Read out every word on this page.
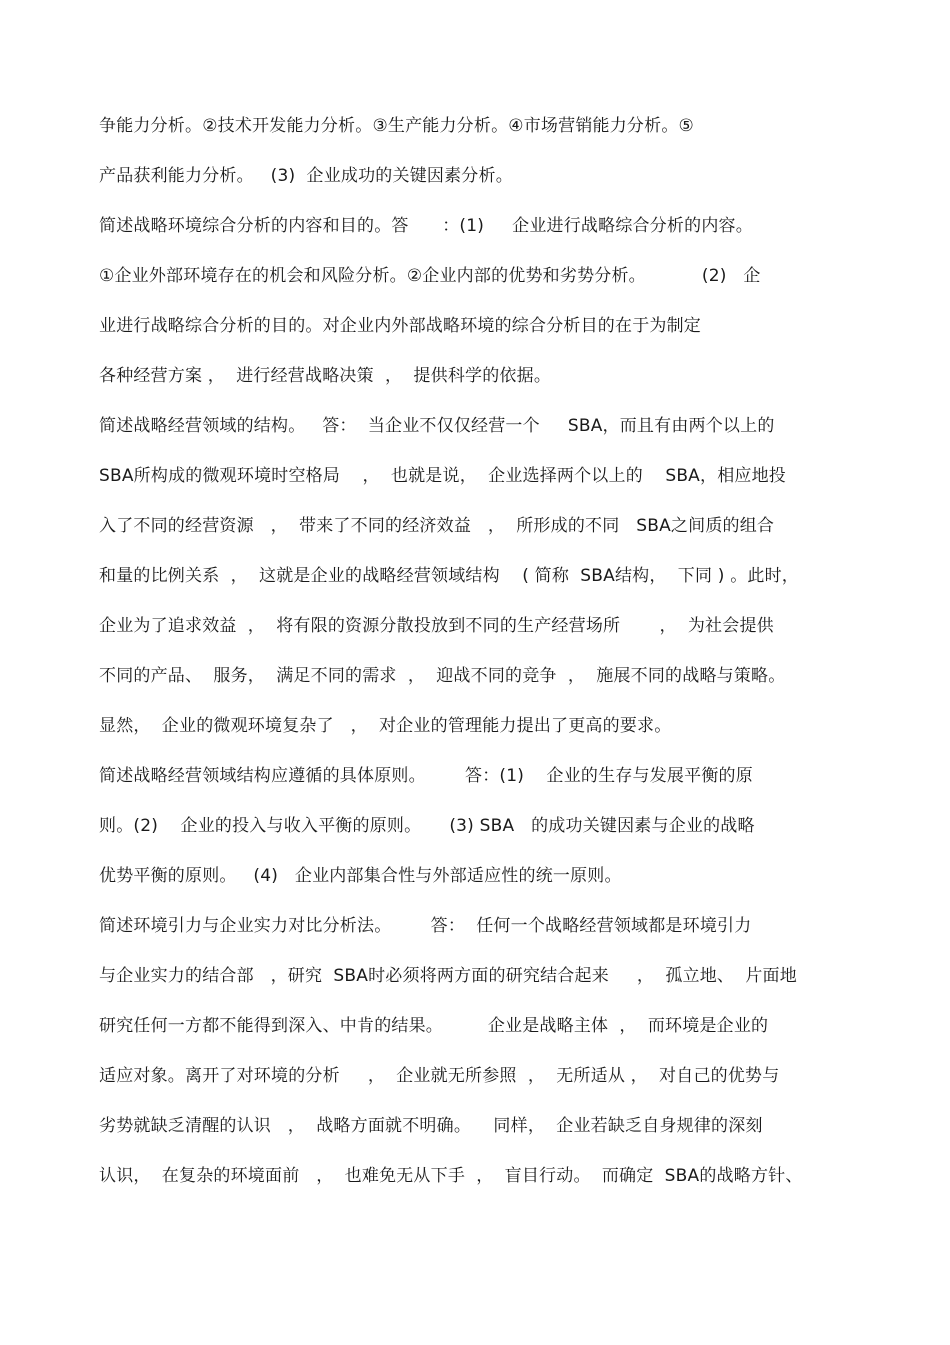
争能力分析。②技术开发能力分析。③生产能力分析。④市场营销能力分析。⑤
产品获利能力分析。   (3)  企业成功的关键因素分析。
简述战略环境综合分析的内容和目的。答      ：(1)     企业进行战略综合分析的内容。
①企业外部环境存在的机会和风险分析。②企业内部的优势和劣势分析。          (2)   企
业进行战略综合分析的目的。对企业内外部战略环境的综合分析目的在于为制定
各种经营方案 ，  进行经营战略决策  ，  提供科学的依据。
简述战略经营领域的结构。   答：  当企业不仅仅经营一个     SBA，而且有由两个以上的
SBA所构成的微观环境时空格局    ，  也就是说，  企业选择两个以上的    SBA，相应地投
入了不同的经营资源   ，  带来了不同的经济效益   ，  所形成的不同   SBA之间质的组合
和量的比例关系  ，  这就是企业的战略经营领域结构    ( 简称  SBA结构，  下同 ) 。此时，
企业为了追求效益  ，  将有限的资源分散投放到不同的生产经营场所       ，  为社会提供
不同的产品、  服务，  满足不同的需求  ，  迎战不同的竞争  ，  施展不同的战略与策略。
显然，  企业的微观环境复杂了   ，  对企业的管理能力提出了更高的要求。
简述战略经营领域结构应遵循的具体原则。       答：(1)    企业的生存与发展平衡的原
则。(2)    企业的投入与收入平衡的原则。     (3) SBA   的成功关键因素与企业的战略
优势平衡的原则。   (4)   企业内部集合性与外部适应性的统一原则。
简述环境引力与企业实力对比分析法。       答：  任何一个战略经营领域都是环境引力
与企业实力的结合部   ，研究  SBA时必须将两方面的研究结合起来     ，  孤立地、  片面地
研究任何一方都不能得到深入、中肯的结果。        企业是战略主体  ，  而环境是企业的
适应对象。离开了对环境的分析     ，  企业就无所参照  ，  无所适从 ，  对自己的优势与
劣势就缺乏清醒的认识   ，  战略方面就不明确。    同样，  企业若缺乏自身规律的深刻
认识，  在复杂的环境面前   ，  也难免无从下手  ，  盲目行动。  而确定  SBA的战略方针、
